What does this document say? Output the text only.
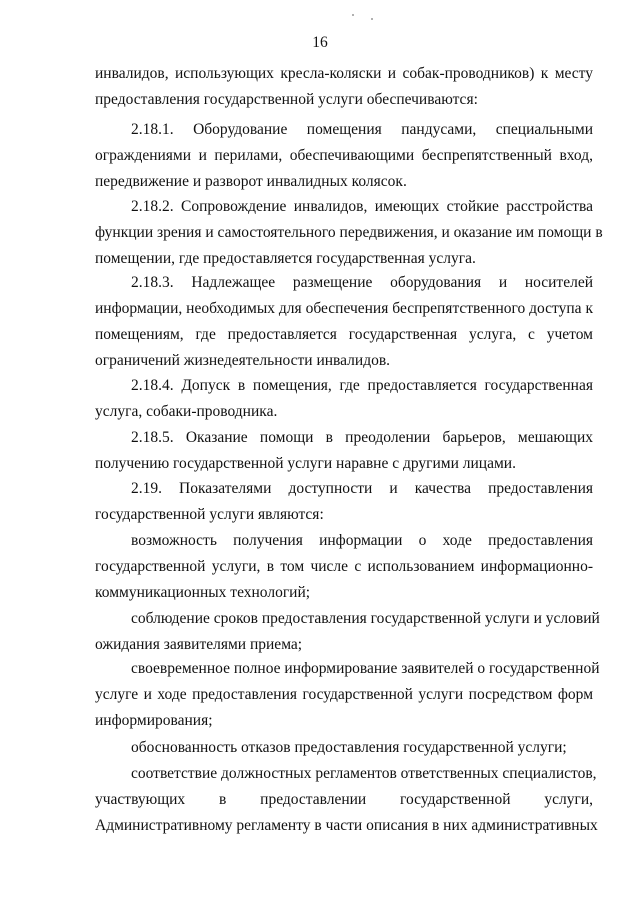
16
инвалидов, использующих кресла-коляски и собак-проводников) к месту
предоставления государственной услуги обеспечиваются:
2.18.1. Оборудование помещения пандусами, специальными
ограждениями и перилами, обеспечивающими беспрепятственный вход,
передвижение и разворот инвалидных колясок.
2.18.2. Сопровождение инвалидов, имеющих стойкие расстройства
функции зрения и самостоятельного передвижения, и оказание им помощи в
помещении, где предоставляется государственная услуга.
2.18.3. Надлежащее размещение оборудования и носителей
информации, необходимых для обеспечения беспрепятственного доступа к
помещениям, где предоставляется государственная услуга, с учетом
ограничений жизнедеятельности инвалидов.
2.18.4. Допуск в помещения, где предоставляется государственная
услуга, собаки-проводника.
2.18.5. Оказание помощи в преодолении барьеров, мешающих
получению государственной услуги наравне с другими лицами.
2.19. Показателями доступности и качества предоставления
государственной услуги являются:
возможность получения информации о ходе предоставления
государственной услуги, в том числе с использованием информационно-
коммуникационных технологий;
соблюдение сроков предоставления государственной услуги и условий
ожидания заявителями приема;
своевременное полное информирование заявителей о государственной
услуге и ходе предоставления государственной услуги посредством форм
информирования;
обоснованность отказов предоставления государственной услуги;
соответствие должностных регламентов ответственных специалистов,
участвующих в предоставлении государственной услуги,
Административному регламенту в части описания в них административных
